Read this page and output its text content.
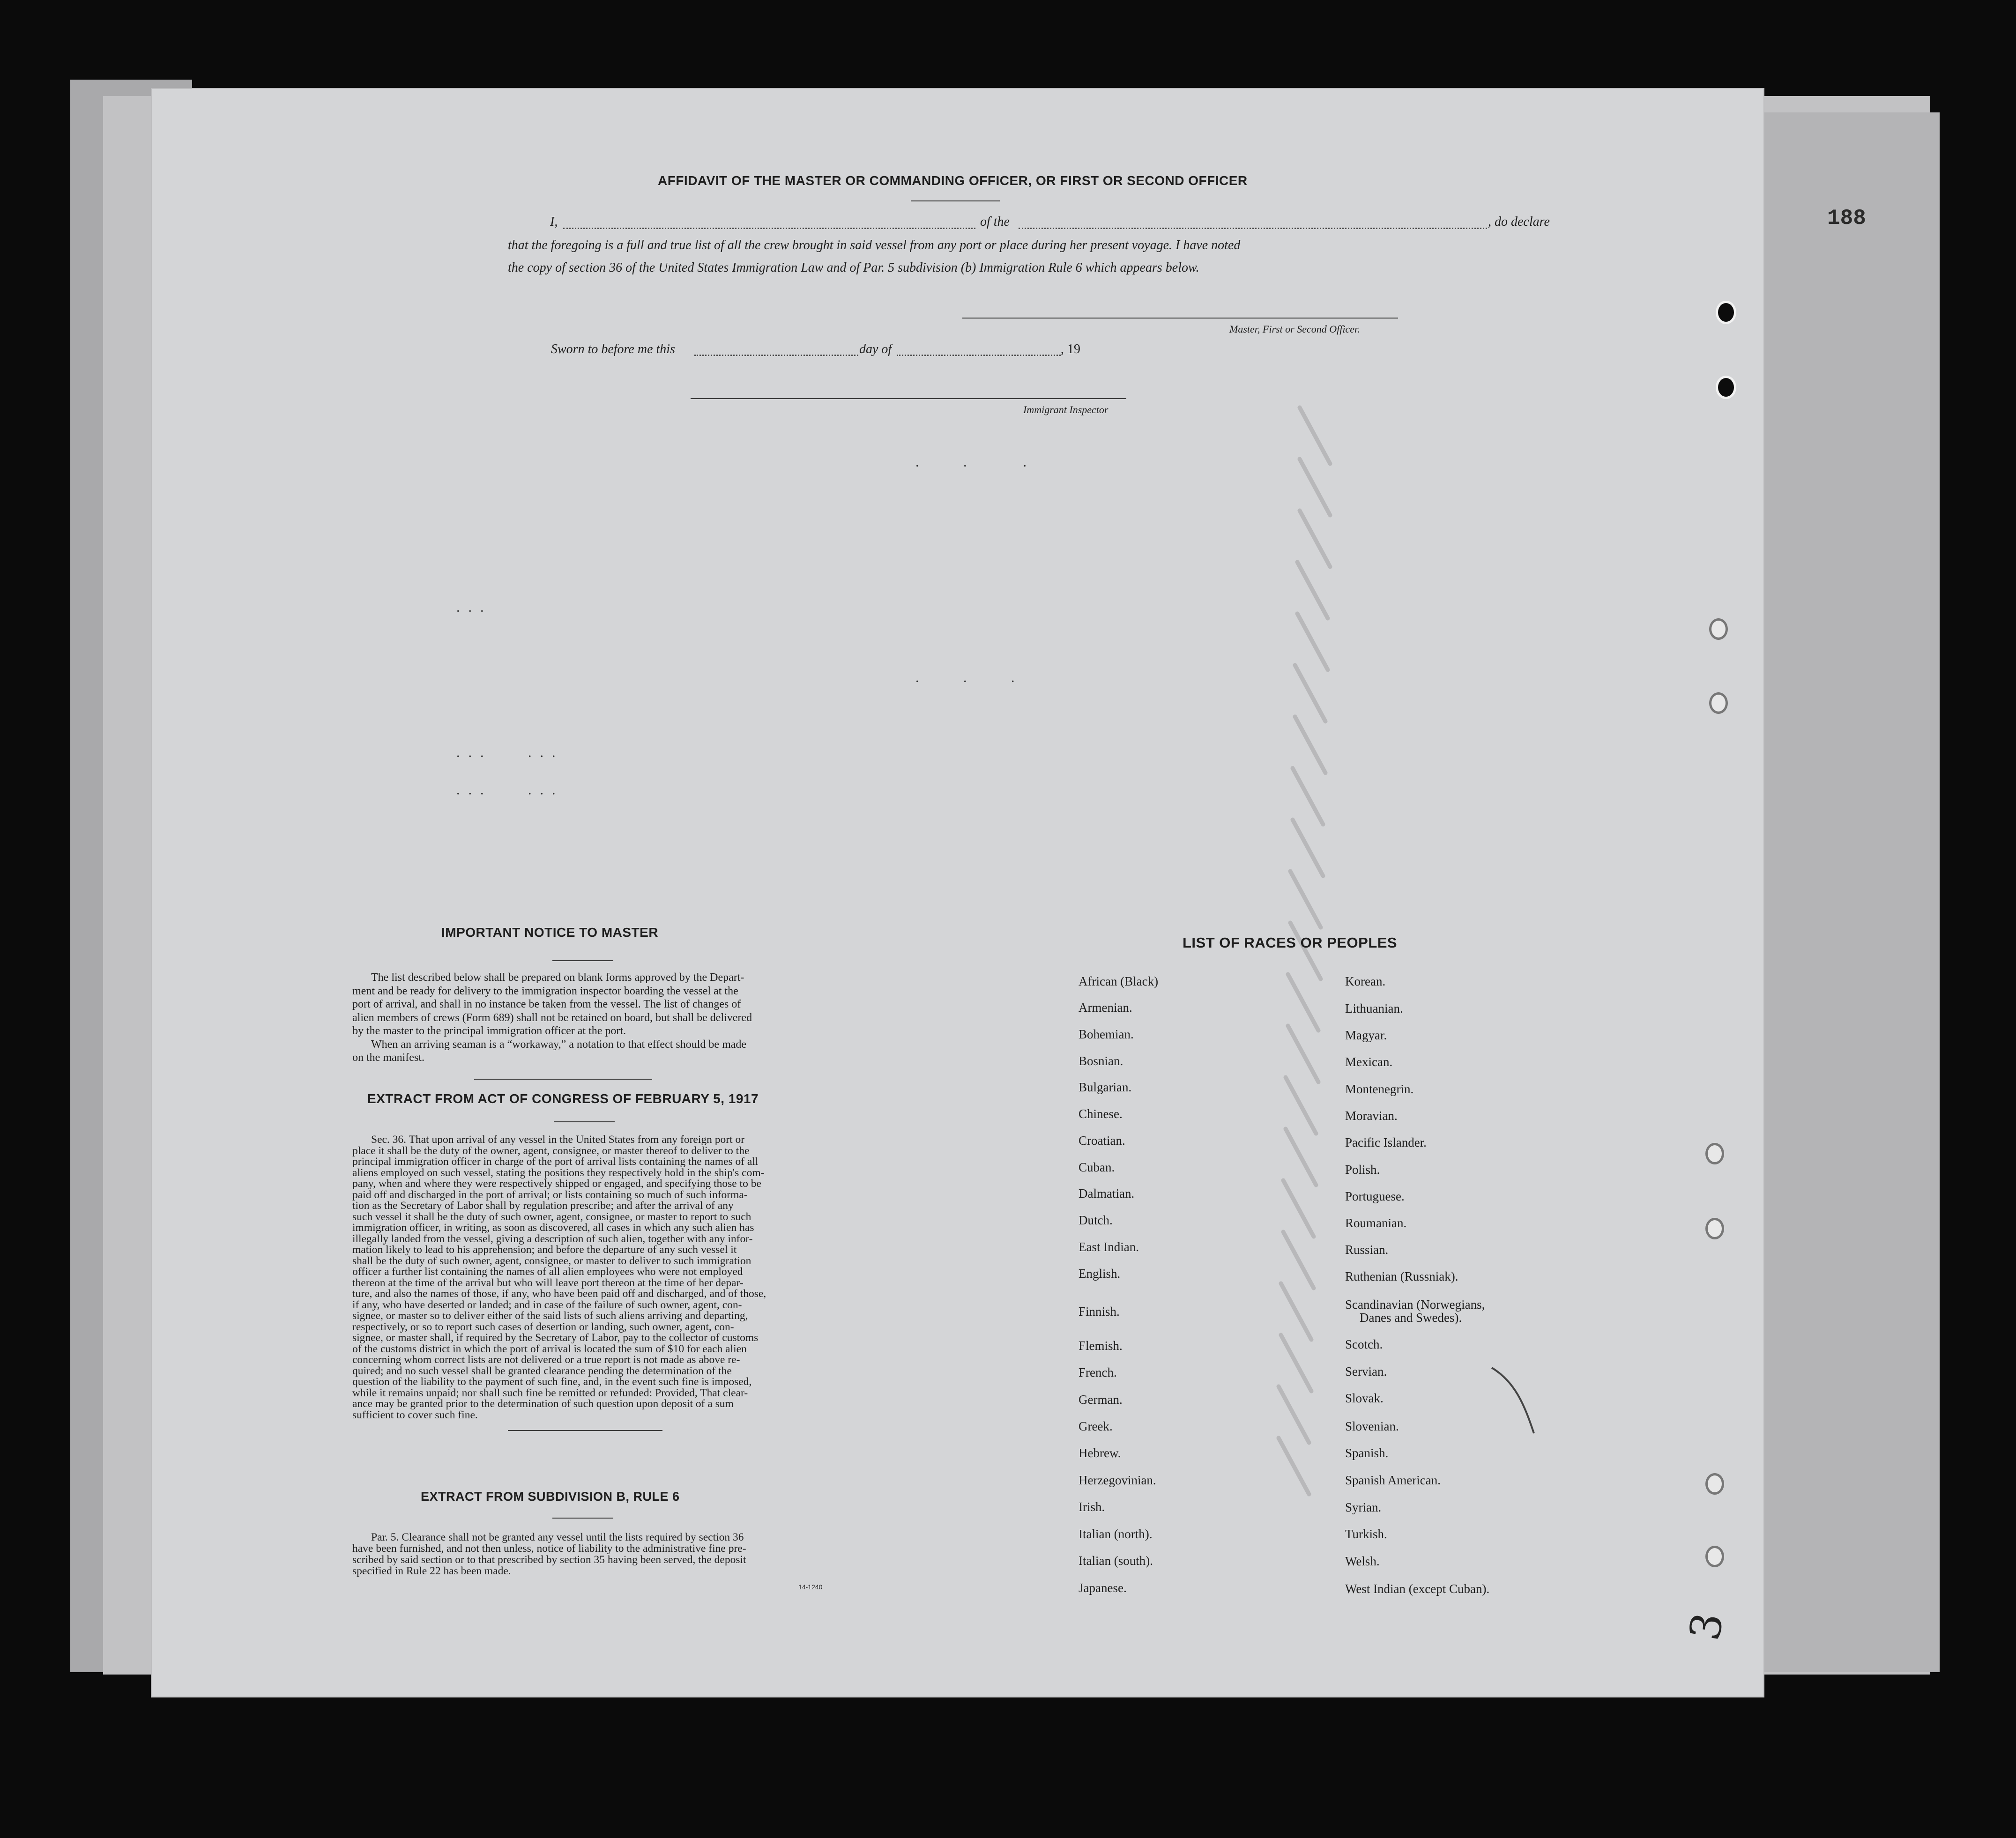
188
AFFIDAVIT OF THE MASTER OR COMMANDING OFFICER, OR FIRST OR SECOND OFFICER
I,	of the	, do declare
that the foregoing is a full and true list of all the crew brought in said vessel from any port or place during her present voyage. I have noted
the copy of section 36 of the United States Immigration Law and of Par. 5 subdivision (b) Immigration Rule 6 which appears below.
Master, First or Second Officer.
Sworn to before me this	day of	, 19
Immigrant Inspector
...
...   ...
...   ...
.   .    .
.   .   .
IMPORTANT NOTICE TO MASTER
The list described below shall be prepared on blank forms approved by the Depart-
ment and be ready for delivery to the immigration inspector boarding the vessel at the
port of arrival, and shall in no instance be taken from the vessel. The list of changes of
alien members of crews (Form 689) shall not be retained on board, but shall be delivered
by the master to the principal immigration officer at the port.
When an arriving seaman is a “workaway,” a notation to that effect should be made
on the manifest.
EXTRACT FROM ACT OF CONGRESS OF FEBRUARY 5, 1917
Sec. 36. That upon arrival of any vessel in the United States from any foreign port or
place it shall be the duty of the owner, agent, consignee, or master thereof to deliver to the
principal immigration officer in charge of the port of arrival lists containing the names of all
aliens employed on such vessel, stating the positions they respectively hold in the ship's com-
pany, when and where they were respectively shipped or engaged, and specifying those to be
paid off and discharged in the port of arrival; or lists containing so much of such informa-
tion as the Secretary of Labor shall by regulation prescribe; and after the arrival of any
such vessel it shall be the duty of such owner, agent, consignee, or master to report to such
immigration officer, in writing, as soon as discovered, all cases in which any such alien has
illegally landed from the vessel, giving a description of such alien, together with any infor-
mation likely to lead to his apprehension; and before the departure of any such vessel it
shall be the duty of such owner, agent, consignee, or master to deliver to such immigration
officer a further list containing the names of all alien employees who were not employed
thereon at the time of the arrival but who will leave port thereon at the time of her depar-
ture, and also the names of those, if any, who have been paid off and discharged, and of those,
if any, who have deserted or landed; and in case of the failure of such owner, agent, con-
signee, or master so to deliver either of the said lists of such aliens arriving and departing,
respectively, or so to report such cases of desertion or landing, such owner, agent, con-
signee, or master shall, if required by the Secretary of Labor, pay to the collector of customs
of the customs district in which the port of arrival is located the sum of $10 for each alien
concerning whom correct lists are not delivered or a true report is not made as above re-
quired; and no such vessel shall be granted clearance pending the determination of the
question of the liability to the payment of such fine, and, in the event such fine is imposed,
while it remains unpaid; nor shall such fine be remitted or refunded: Provided, That clear-
ance may be granted prior to the determination of such question upon deposit of a sum
sufficient to cover such fine.
EXTRACT FROM SUBDIVISION B, RULE 6
Par. 5. Clearance shall not be granted any vessel until the lists required by section 36
have been furnished, and not then unless, notice of liability to the administrative fine pre-
scribed by said section or to that prescribed by section 35 having been served, the deposit
specified in Rule 22 has been made.
14-1240
LIST OF RACES OR PEOPLES
African (Black)
Armenian.
Bohemian.
Bosnian.
Bulgarian.
Chinese.
Croatian.
Cuban.
Dalmatian.
Dutch.
East Indian.
English.
Finnish.
Flemish.
French.
German.
Greek.
Hebrew.
Herzegovinian.
Irish.
Italian (north).
Italian (south).
Japanese.
Korean.
Lithuanian.
Magyar.
Mexican.
Montenegrin.
Moravian.
Pacific Islander.
Polish.
Portuguese.
Roumanian.
Russian.
Ruthenian (Russniak).
Scandinavian (Norwegians,
Danes and Swedes).
Scotch.
Servian.
Slovak.
Slovenian.
Spanish.
Spanish American.
Syrian.
Turkish.
Welsh.
West Indian (except Cuban).
3
